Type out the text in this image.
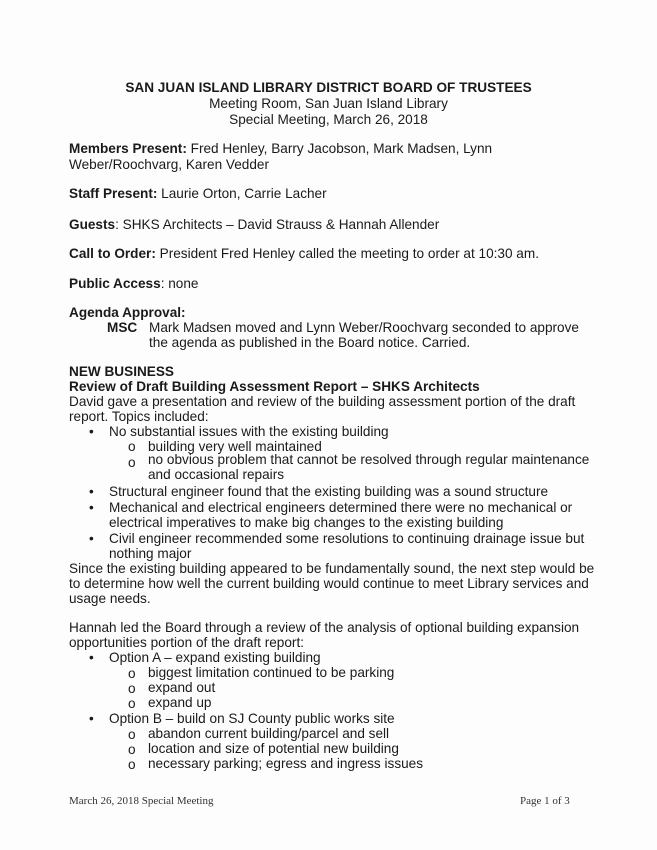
SAN JUAN ISLAND LIBRARY DISTRICT BOARD OF TRUSTEES
Meeting Room, San Juan Island Library
Special Meeting, March 26, 2018
Members Present: Fred Henley, Barry Jacobson, Mark Madsen, Lynn
Weber/Roochvarg, Karen Vedder
Staff Present: Laurie Orton, Carrie Lacher
Guests: SHKS Architects – David Strauss & Hannah Allender
Call to Order: President Fred Henley called the meeting to order at 10:30 am.
Public Access: none
Agenda Approval:
MSC Mark Madsen moved and Lynn Weber/Roochvarg seconded to approve
the agenda as published in the Board notice. Carried.
NEW BUSINESS
Review of Draft Building Assessment Report – SHKS Architects
David gave a presentation and review of the building assessment portion of the draft
report. Topics included:
•
No substantial issues with the existing building
o
building very well maintained
o
no obvious problem that cannot be resolved through regular maintenance
and occasional repairs
•
Structural engineer found that the existing building was a sound structure
•
Mechanical and electrical engineers determined there were no mechanical or
electrical imperatives to make big changes to the existing building
•
Civil engineer recommended some resolutions to continuing drainage issue but
nothing major
Since the existing building appeared to be fundamentally sound, the next step would be
to determine how well the current building would continue to meet Library services and
usage needs.
Hannah led the Board through a review of the analysis of optional building expansion
opportunities portion of the draft report:
•
Option A – expand existing building
o
biggest limitation continued to be parking
o
expand out
o
expand up
•
Option B – build on SJ County public works site
o
abandon current building/parcel and sell
o
location and size of potential new building
o
necessary parking; egress and ingress issues
March 26, 2018 Special Meeting	Page 1 of 3
